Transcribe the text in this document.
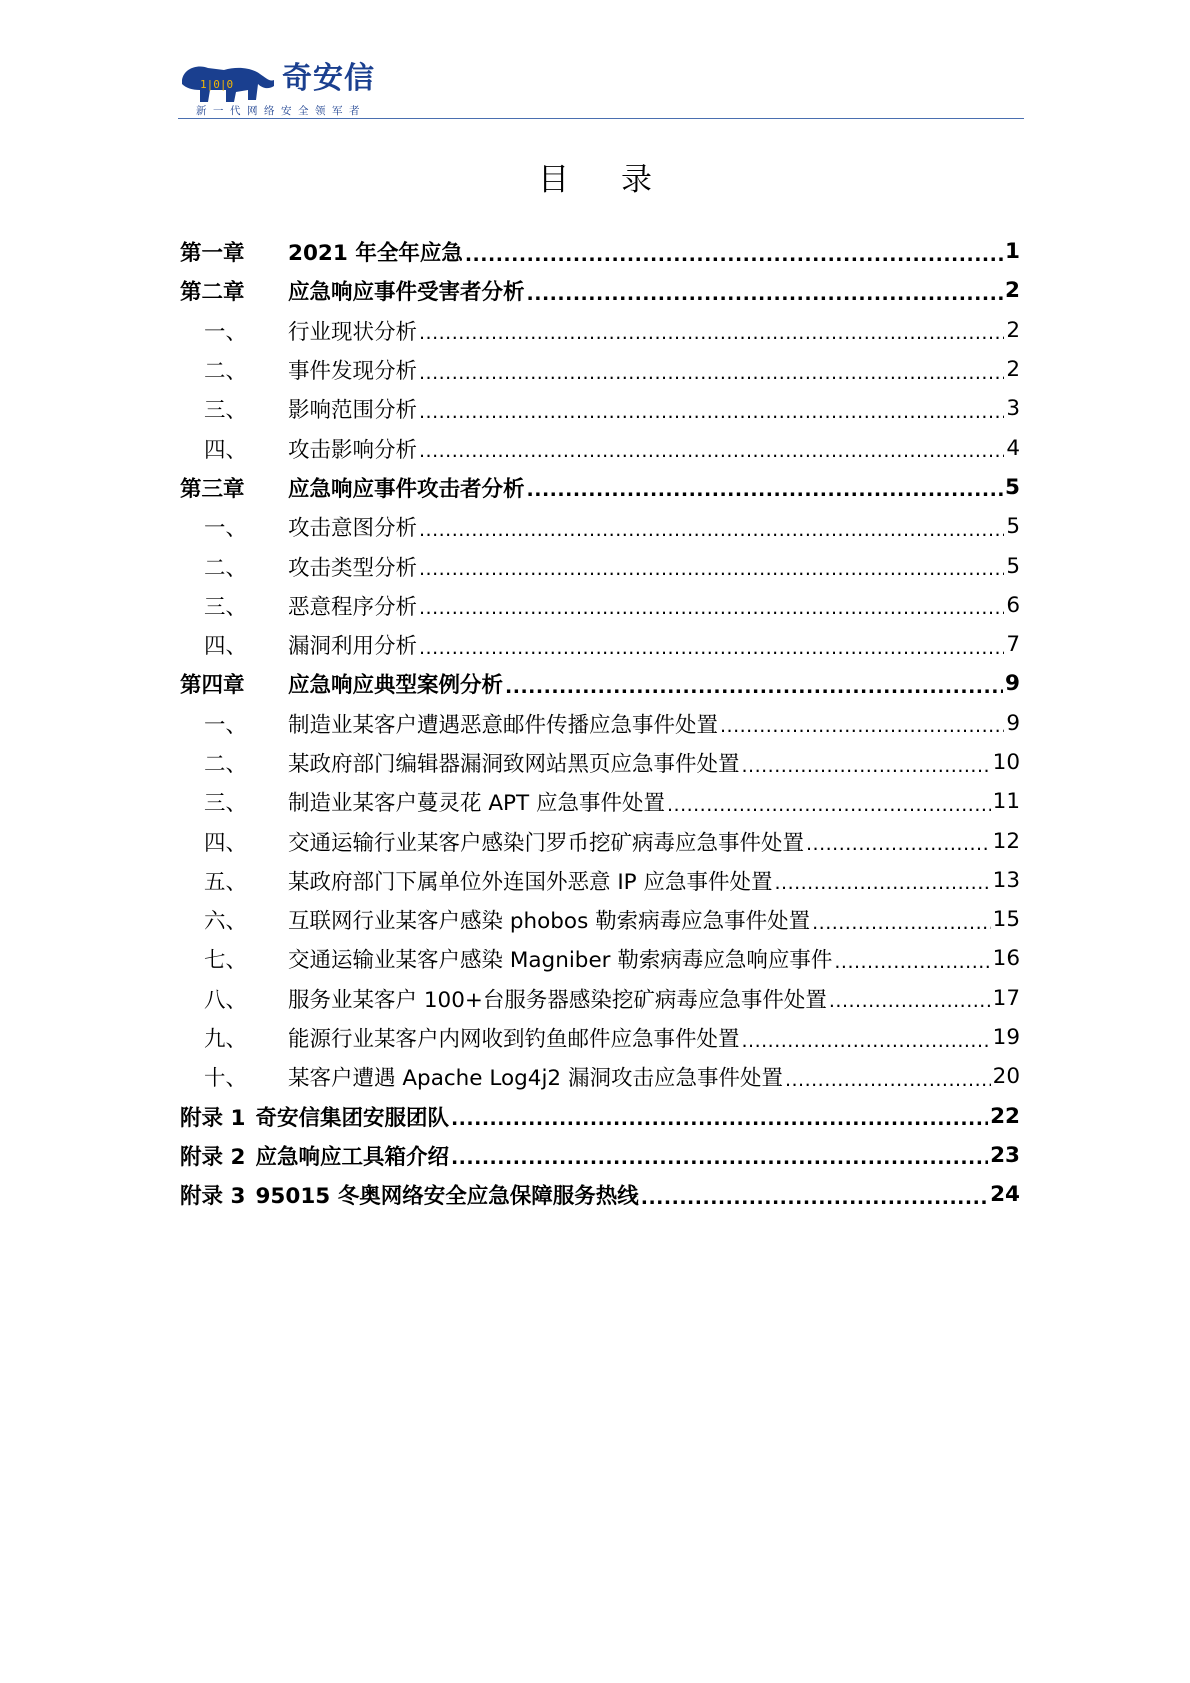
1|0|0 奇安信
新一代网络安全领军者
目录
第一章	2021 年全年应急 .....	1
第二章	应急响应事件受害者分析 .....	2
一、	行业现状分析 .....	2
二、	事件发现分析 .....	2
三、	影响范围分析 .....	3
四、	攻击影响分析 .....	4
第三章	应急响应事件攻击者分析 .....	5
一、	攻击意图分析 .....	5
二、	攻击类型分析 .....	5
三、	恶意程序分析 .....	6
四、	漏洞利用分析 .....	7
第四章	应急响应典型案例分析 .....	9
一、	制造业某客户遭遇恶意邮件传播应急事件处置 .....	9
二、	某政府部门编辑器漏洞致网站黑页应急事件处置 .....	10
三、	制造业某客户蔓灵花 APT 应急事件处置 .....	11
四、	交通运输行业某客户感染门罗币挖矿病毒应急事件处置 .....	12
五、	某政府部门下属单位外连国外恶意 IP 应急事件处置 .....	13
六、	互联网行业某客户感染 phobos 勒索病毒应急事件处置 .....	15
七、	交通运输业某客户感染 Magniber 勒索病毒应急响应事件 .....	16
八、	服务业某客户 100+台服务器感染挖矿病毒应急事件处置 .....	17
九、	能源行业某客户内网收到钓鱼邮件应急事件处置 .....	19
十、	某客户遭遇 Apache Log4j2 漏洞攻击应急事件处置 .....	20
附录 1 奇安信集团安服团队 .....	22
附录 2 应急响应工具箱介绍 .....	23
附录 3 95015 冬奥网络安全应急保障服务热线 .....	24
